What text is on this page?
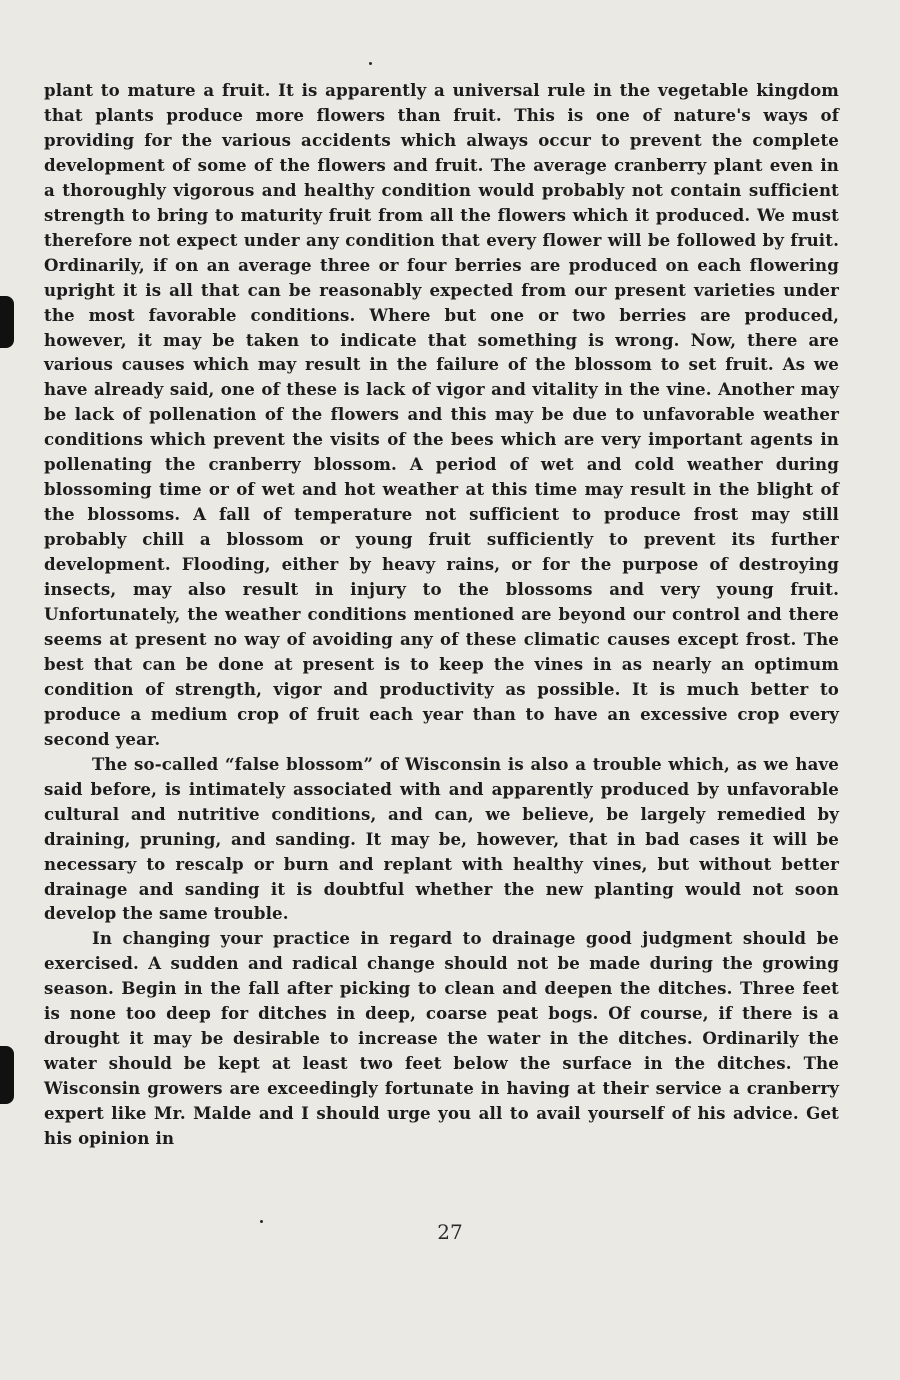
plant to mature a fruit. It is apparently a universal rule in the vegetable kingdom that plants produce more flowers than fruit. This is one of nature's ways of providing for the various accidents which always occur to prevent the complete development of some of the flowers and fruit. The average cranberry plant even in a thoroughly vigorous and healthy condition would probably not contain sufficient strength to bring to maturity fruit from all the flowers which it produced. We must therefore not expect under any condition that every flower will be followed by fruit. Ordinarily, if on an average three or four berries are produced on each flowering upright it is all that can be reasonably expected from our present varieties under the most favorable conditions. Where but one or two berries are produced, however, it may be taken to indicate that something is wrong. Now, there are various causes which may result in the failure of the blossom to set fruit. As we have already said, one of these is lack of vigor and vitality in the vine. Another may be lack of pollenation of the flowers and this may be due to unfavorable weather conditions which prevent the visits of the bees which are very important agents in pollenating the cranberry blossom. A period of wet and cold weather during blossoming time or of wet and hot weather at this time may result in the blight of the blossoms. A fall of temperature not sufficient to produce frost may still probably chill a blossom or young fruit sufficiently to prevent its further development. Flooding, either by heavy rains, or for the purpose of destroying insects, may also result in injury to the blossoms and very young fruit. Unfortunately, the weather conditions mentioned are beyond our control and there seems at present no way of avoiding any of these climatic causes except frost. The best that can be done at present is to keep the vines in as nearly an optimum condition of strength, vigor and productivity as possible. It is much better to produce a medium crop of fruit each year than to have an excessive crop every second year.

The so-called “false blossom” of Wisconsin is also a trouble which, as we have said before, is intimately associated with and apparently produced by unfavorable cultural and nutritive conditions, and can, we believe, be largely remedied by draining, pruning, and sanding. It may be, however, that in bad cases it will be necessary to rescalp or burn and replant with healthy vines, but without better drainage and sanding it is doubtful whether the new planting would not soon develop the same trouble.

In changing your practice in regard to drainage good judgment should be exercised. A sudden and radical change should not be made during the growing season. Begin in the fall after picking to clean and deepen the ditches. Three feet is none too deep for ditches in deep, coarse peat bogs. Of course, if there is a drought it may be desirable to increase the water in the ditches. Ordinarily the water should be kept at least two feet below the surface in the ditches. The Wisconsin growers are exceedingly fortunate in having at their service a cranberry expert like Mr. Malde and I should urge you all to avail yourself of his advice. Get his opinion in

27
